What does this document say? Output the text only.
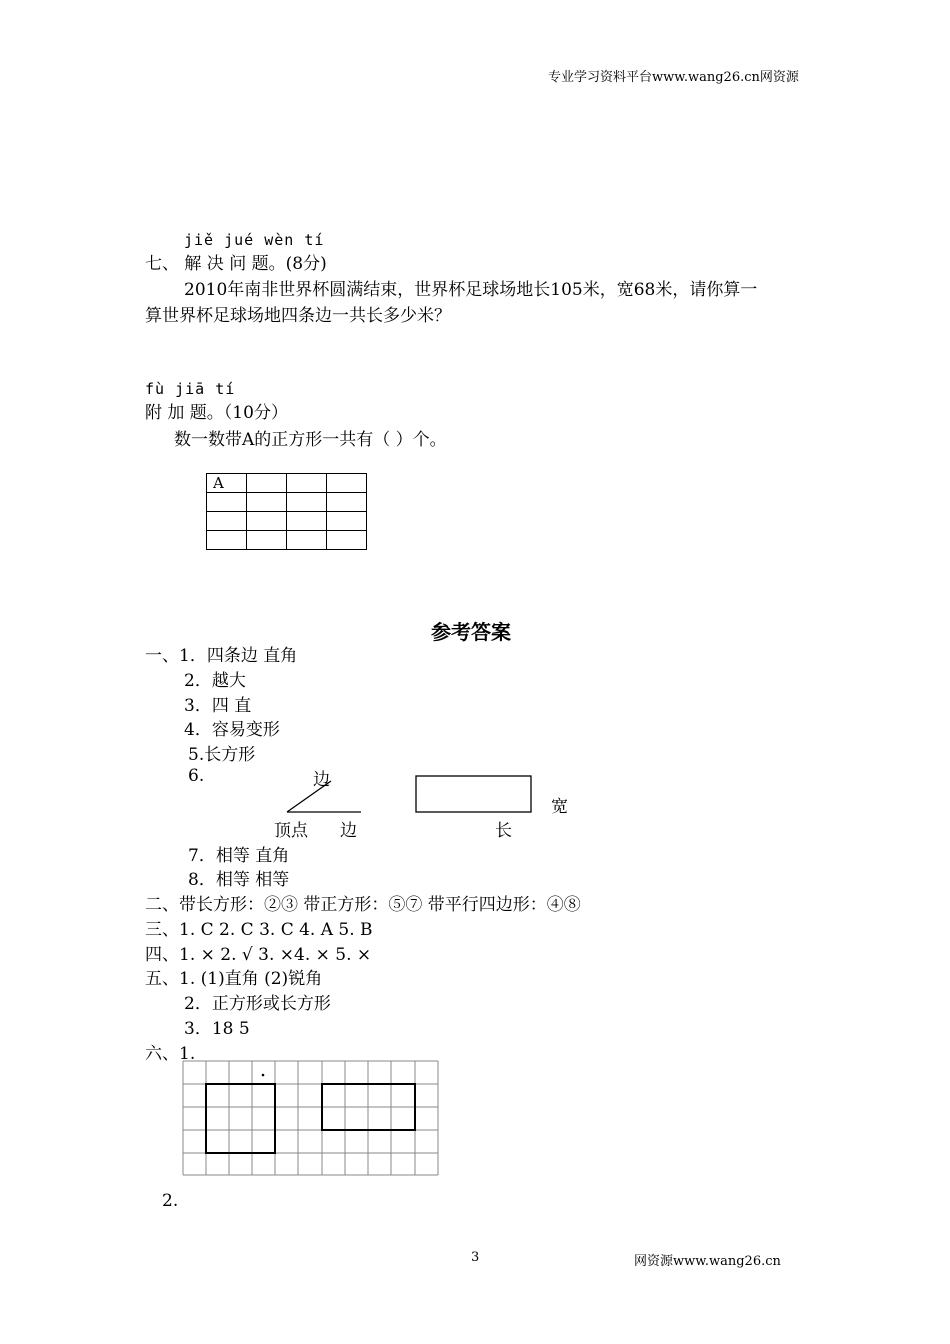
专业学习资料平台www.wang26.cn网资源
jiě jué wèn tí
七、 解 决 问 题。(8分)
2010年南非世界杯圆满结束，世界杯足球场地长105米，宽68米，请你算一
算世界杯足球场地四条边一共长多少米？
fù jiā tí
附 加 题。（10分）
数一数带A的正方形一共有（ ）个。
A			

参考答案
一、1．四条边 直角
2．越大
3．四 直
4．容易变形
5.长方形
6.	边
顶点 边
宽
长
7．相等 直角
8．相等 相等
二、带长方形：②③ 带正方形：⑤⑦ 带平行四边形：④⑧
三、1. C 2. C 3. C 4. A 5. B
四、1. × 2. √ 3. ×4. × 5. ×
五、1. (1)直角 (2)锐角
2．正方形或长方形
3．18 5
六、1.
2.
3	网资源www.wang26.cn
